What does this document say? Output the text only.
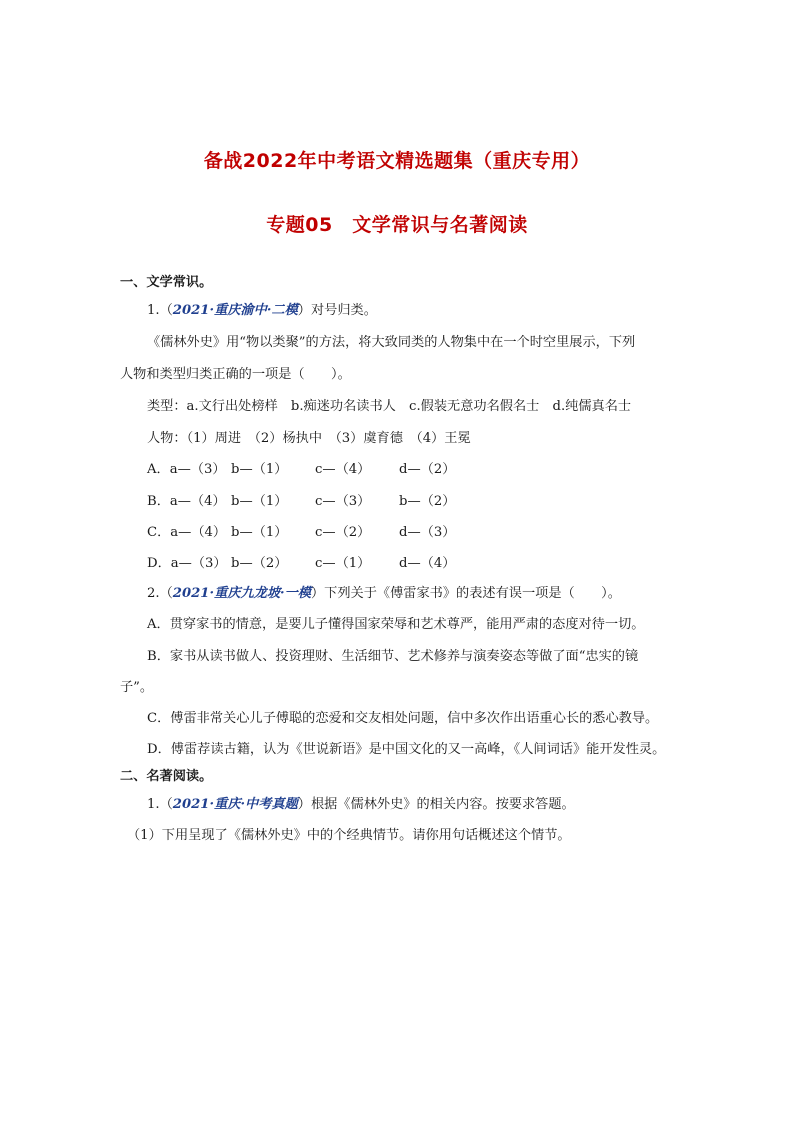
备战2022年中考语文精选题集（重庆专用）
专题05　文学常识与名著阅读

一、文学常识。

1.（2021·重庆渝中·二模）对号归类。

《儒林外史》用“物以类聚”的方法，将大致同类的人物集中在一个时空里展示，下列

人物和类型归类正确的一项是（　　）。

类型：a.文行出处榜样　b.痴迷功名读书人　c.假装无意功名假名士　d.纯儒真名士

人物：（1）周进　（2）杨执中　（3）虞育德　（4）王冕

A．a—（3） b—（1） c—（4） d—（2）

B．a—（4） b—（1） c—（3） b—（2）

C．a—（4） b—（1） c—（2） d—（3）

D．a—（3） b—（2） c—（1） d—（4）

2.（2021·重庆九龙坡·一模）下列关于《傅雷家书》的表述有误一项是（　　）。

A．贯穿家书的情意，是要儿子懂得国家荣辱和艺术尊严，能用严肃的态度对待一切。

B．家书从读书做人、投资理财、生活细节、艺术修养与演奏姿态等做了面“忠实的镜

子”。

C．傅雷非常关心儿子傅聪的恋爱和交友相处问题，信中多次作出语重心长的悉心教导。

D．傅雷荐读古籍，认为《世说新语》是中国文化的又一高峰，《人间词话》能开发性灵。

二、名著阅读。

1.（2021·重庆·中考真题）根据《儒林外史》的相关内容。按要求答题。

（1）下用呈现了《儒林外史》中的个经典情节。请你用句话概述这个情节。
